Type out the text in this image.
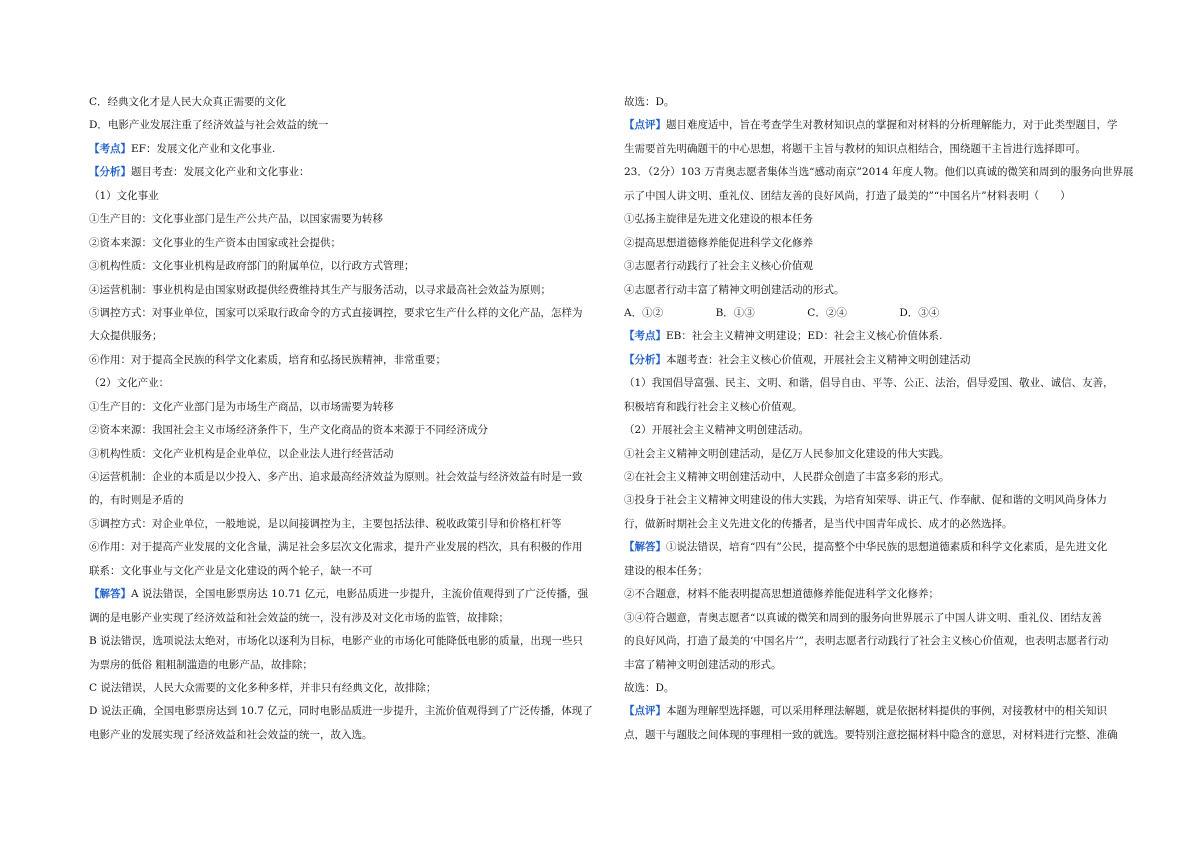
C．经典文化才是人民大众真正需要的文化
D．电影产业发展注重了经济效益与社会效益的统一
【考点】EF：发展文化产业和文化事业.
【分析】题目考查：发展文化产业和文化事业：
（1）文化事业
①生产目的：文化事业部门是生产公共产品，以国家需要为转移
②资本来源：文化事业的生产资本由国家或社会提供；
③机构性质：文化事业机构是政府部门的附属单位，以行政方式管理；
④运营机制：事业机构是由国家财政提供经费维持其生产与服务活动，以寻求最高社会效益为原则；
⑤调控方式：对事业单位，国家可以采取行政命令的方式直接调控，要求它生产什么样的文化产品，怎样为
大众提供服务；
⑥作用：对于提高全民族的科学文化素质，培育和弘扬民族精神，非常重要；
（2）文化产业：
①生产目的：文化产业部门是为市场生产商品，以市场需要为转移
②资本来源：我国社会主义市场经济条件下，生产文化商品的资本来源于不同经济成分
③机构性质：文化产业机构是企业单位，以企业法人进行经营活动
④运营机制：企业的本质是以少投入、多产出、追求最高经济效益为原则。社会效益与经济效益有时是一致
的，有时则是矛盾的
⑤调控方式：对企业单位，一般地说，是以间接调控为主，主要包括法律、税收政策引导和价格杠杆等
⑥作用：对于提高产业发展的文化含量，满足社会多层次文化需求，提升产业发展的档次，具有积极的作用
联系：文化事业与文化产业是文化建设的两个轮子，缺一不可
【解答】A 说法错误，全国电影票房达 10.71 亿元，电影品质进一步提升，主流价值观得到了广泛传播，强
调的是电影产业实现了经济效益和社会效益的统一，没有涉及对文化市场的监管，故排除；
B 说法错误，选项说法太绝对，市场化以逐利为目标，电影产业的市场化可能降低电影的质量，出现一些只
为票房的低俗 粗粗制滥造的电影产品，故排除；
C 说法错误，人民大众需要的文化多种多样，并非只有经典文化，故排除；
D 说法正确，全国电影票房达到 10.7 亿元，同时电影品质进一步提升，主流价值观得到了广泛传播，体现了
电影产业的发展实现了经济效益和社会效益的统一，故入选。
故选：D。
【点评】题目难度适中，旨在考查学生对教材知识点的掌握和对材料的分析理解能力，对于此类型题目，学
生需要首先明确题干的中心思想，将题干主旨与教材的知识点相结合，围绕题干主旨进行选择即可。
23．（2分）103 万青奥志愿者集体当选“感动南京”2014 年度人物。他们以真诚的微笑和周到的服务向世界展
示了中国人讲文明、重礼仪、团结友善的良好风尚，打造了最美的”“中国名片”材料表明（　　）
①弘扬主旋律是先进文化建设的根本任务
②提高思想道德修养能促进科学文化修养
③志愿者行动践行了社会主义核心价值观
④志愿者行动丰富了精神文明创建活动的形式。
A．①②　　　　　B．①③　　　　　C．②④　　　　　D．③④
【考点】EB：社会主义精神文明建设；ED：社会主义核心价值体系.
【分析】本题考查：社会主义核心价值观，开展社会主义精神文明创建活动
（1）我国倡导富强、民主、文明、和谐，倡导自由、平等、公正、法治，倡导爱国、敬业、诚信、友善，
积极培育和践行社会主义核心价值观。
（2）开展社会主义精神文明创建活动。
①社会主义精神文明创建活动，是亿万人民参加文化建设的伟大实践。
②在社会主义精神文明创建活动中，人民群众创造了丰富多彩的形式。
③投身于社会主义精神文明建设的伟大实践，为培育知荣辱、讲正气、作奉献、促和谐的文明风尚身体力
行，做新时期社会主义先进文化的传播者，是当代中国青年成长、成才的必然选择。
【解答】①说法错误，培育“四有”公民，提高整个中华民族的思想道德素质和科学文化素质，是先进文化
建设的根本任务；
②不合题意，材料不能表明提高思想道德修养能促进科学文化修养；
③④符合题意，青奥志愿者“以真诚的微笑和周到的服务向世界展示了中国人讲文明、重礼仪、团结友善
的良好风尚，打造了最美的‘中国名片’”，表明志愿者行动践行了社会主义核心价值观，也表明志愿者行动
丰富了精神文明创建活动的形式。
故选：D。
【点评】本题为理解型选择题，可以采用释理法解题，就是依据材料提供的事例，对接教材中的相关知识
点，题干与题肢之间体现的事理相一致的就选。要特别注意挖掘材料中隐含的意思，对材料进行完整、准确
